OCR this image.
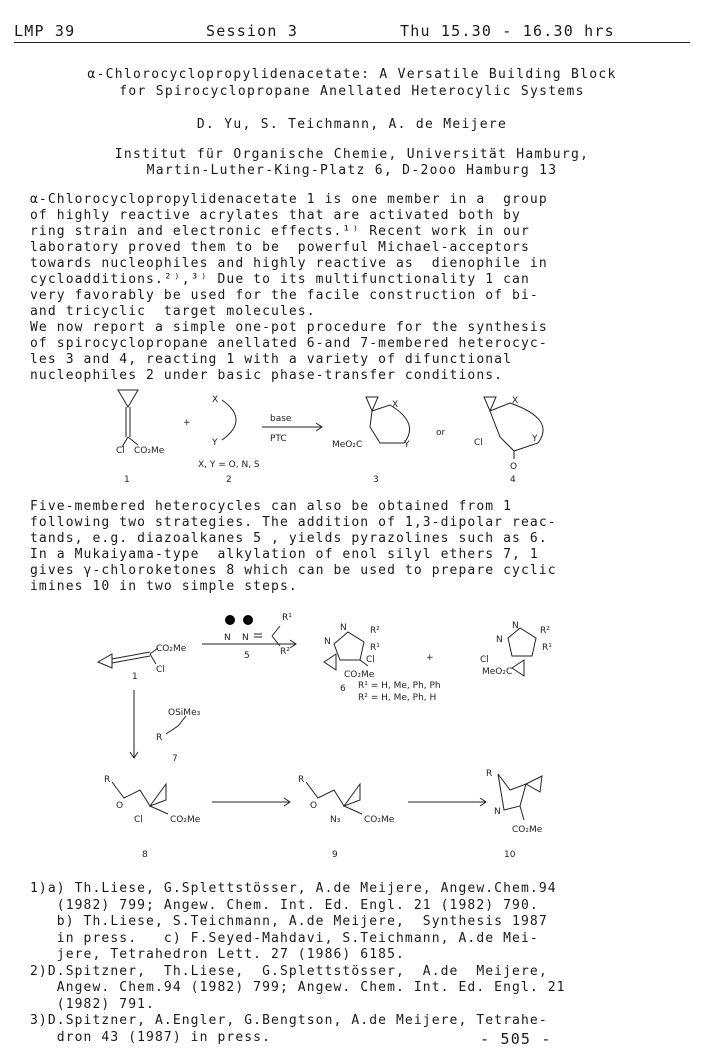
LMP 39	Session 3	Thu 15.30 - 16.30 hrs
α-Chlorocyclopropylidenacetate: A Versatile Building Block
for Spirocyclopropane Anellated Heterocylic Systems
D. Yu, S. Teichmann, A. de Meijere
Institut für Organische Chemie, Universität Hamburg,
Martin-Luther-King-Platz 6, D-2ooo Hamburg 13
α-Chlorocyclopropylidenacetate 1 is one member in a  group
of highly reactive acrylates that are activated both by
ring strain and electronic effects.¹⁾ Recent work in our
laboratory proved them to be  powerful Michael-acceptors
towards nucleophiles and highly reactive as  dienophile in
cycloadditions.²⁾,³⁾ Due to its multifunctionality 1 can
very favorably be used for the facile construction of bi-
and tricyclic  target molecules.
We now report a simple one-pot procedure for the synthesis
of spirocyclopropane anellated 6-and 7-membered heterocyc-
les 3 and 4, reacting 1 with a variety of difunctional
nucleophiles 2 under basic phase-transfer conditions.
Cl CO₂Me
1
+
X
Y
X, Y = O, N, S
2
base
PTC
X
Y
MeO₂C
3
or
X
Y
Cl
O
4
Five-membered heterocycles can also be obtained from 1
following two strategies. The addition of 1,3-dipolar reac-
tands, e.g. diazoalkanes 5 , yields pyrazolines such as 6.
In a Mukaiyama-type  alkylation of enol silyl ethers 7, 1
gives γ-chloroketones 8 which can be used to prepare cyclic
imines 10 in two simple steps.
− +
N N
R¹
R²
5
CO₂Me
Cl
1
N
N	R²
R¹
Cl
CO₂Me
+
N
N R²
R¹
Cl
MeO₂C
6 R¹ = H, Me, Ph, Ph
R² = H, Me, Ph, H
OSiMe₃
R
7
R
O
Cl	CO₂Me
8
R
O
N₃	CO₂Me
9
R
N
CO₂Me
10
1)a) Th.Liese, G.Splettstösser, A.de Meijere, Angew.Chem.94
(1982) 799; Angew. Chem. Int. Ed. Engl. 21 (1982) 790.
b) Th.Liese, S.Teichmann, A.de Meijere,  Synthesis 1987
in press.   c) F.Seyed-Mahdavi, S.Teichmann, A.de Mei-
jere, Tetrahedron Lett. 27 (1986) 6185.
2)D.Spitzner,  Th.Liese,  G.Splettstösser,  A.de  Meijere,
Angew. Chem.94 (1982) 799; Angew. Chem. Int. Ed. Engl. 21
(1982) 791.
3)D.Spitzner, A.Engler, G.Bengtson, A.de Meijere, Tetrahe-
dron 43 (1987) in press.	- 505 -
